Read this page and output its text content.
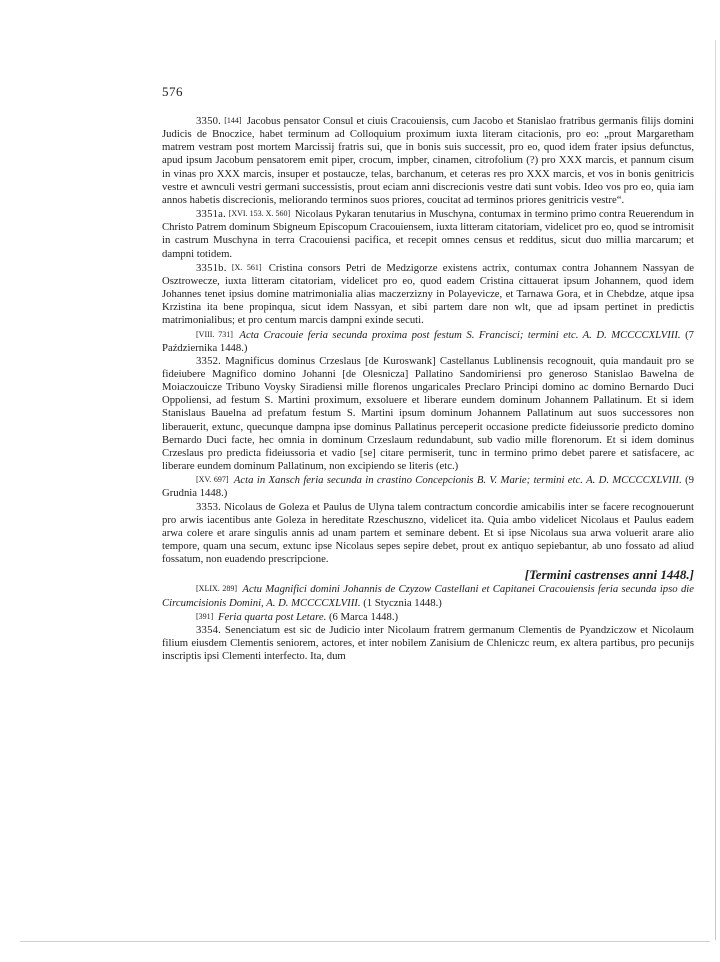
576

3350. [144] Jacobus pensator Consul et ciuis Cracouiensis, cum Jacobo et Stanislao fratribus germanis filijs domini Judicis de Bnoczice, habet terminum ad Colloquium proximum iuxta literam citacionis, pro eo: „prout Margaretham matrem vestram post mortem Marcissij fratris sui, que in bonis suis successit, pro eo, quod idem frater ipsius defunctus, apud ipsum Jacobum pensatorem emit piper, crocum, impber, cinamen, citrofolium (?) pro XXX marcis, et pannum cisum in vinas pro XXX marcis, insuper et postaucze, telas, barchanum, et ceteras res pro XXX marcis, et vos in bonis genitricis vestre et awnculi vestri germani successistis, prout eciam anni discrecionis vestre dati sunt vobis. Ideo vos pro eo, quia iam annos habetis discrecionis, meliorando terminos suos priores, coucitat ad terminos priores genitricis vestre“.

3351a. [XVI. 153. X. 560] Nicolaus Pykaran tenutarius in Muschyna, contumax in termino primo contra Reuerendum in Christo Patrem dominum Sbigneum Episcopum Cracouiensem, iuxta litteram citatoriam, videlicet pro eo, quod se intromisit in castrum Muschyna in terra Cracouiensi pacifica, et recepit omnes census et redditus, sicut duo millia marcarum; et dampni totidem.

3351b. [X. 561] Cristina consors Petri de Medzigorze existens actrix, contumax contra Johannem Nassyan de Osztrowecze, iuxta litteram citatoriam, videlicet pro eo, quod eadem Cristina cittauerat ipsum Johannem, quod idem Johannes tenet ipsius domine matrimonialia alias maczerzizny in Polayevicze, et Tarnawa Gora, et in Chebdze, atque ipsa Krzistina ita bene propinqua, sicut idem Nassyan, et sibi partem dare non wlt, que ad ipsam pertinet in predictis matrimonialibus; et pro centum marcis dampni exinde secuti.

[VIII. 731] Acta Cracouie feria secunda proxima post festum S. Francisci; termini etc. A. D. MCCCCXLVIII. (7 Października 1448.)

3352. Magnificus dominus Crzeslaus [de Kuroswank] Castellanus Lublinensis recognouit, quia mandauit pro se fideiubere Magnifico domino Johanni [de Olesnicza] Pallatino Sandomiriensi pro generoso Stanislao Bawelna de Moiaczouicze Tribuno Voysky Siradiensi mille florenos ungaricales Preclaro Principi domino ac domino Bernardo Duci Oppoliensi, ad festum S. Martini proximum, exsoluere et liberare eundem dominum Johannem Pallatinum. Et si idem Stanislaus Bauelna ad prefatum festum S. Martini ipsum dominum Johannem Pallatinum aut suos successores non liberauerit, extunc, quecunque dampna ipse dominus Pallatinus perceperit occasione predicte fideiussorie predicto domino Bernardo Duci facte, hec omnia in dominum Crzeslaum redundabunt, sub vadio mille florenorum. Et si idem dominus Crzeslaus pro predicta fideiussoria et vadio [se] citare permiserit, tunc in termino primo debet parere et satisfacere, ac liberare eundem dominum Pallatinum, non excipiendo se literis (etc.)

[XV. 697] Acta in Xansch feria secunda in crastino Concepcionis B. V. Marie; termini etc. A. D. MCCCCXLVIII. (9 Grudnia 1448.)

3353. Nicolaus de Goleza et Paulus de Ulyna talem contractum concordie amicabilis inter se facere recognouerunt pro arwis iacentibus ante Goleza in hereditate Rzeschuszno, videlicet ita. Quia ambo videlicet Nicolaus et Paulus eadem arwa colere et arare singulis annis ad unam partem et seminare debent. Et si ipse Nicolaus sua arwa voluerit arare alio tempore, quam una secum, extunc ipse Nicolaus sepes sepire debet, prout ex antiquo sepiebantur, ab uno fossato ad aliud fossatum, non euadendo prescripcione.

[Termini castrenses anni 1448.]

[XLIX. 289] Actu Magnifici domini Johannis de Czyzow Castellani et Capitanei Cracouiensis feria secunda ipso die Circumcisionis Domini, A. D. MCCCCXLVIII. (1 Stycznia 1448.)

[391] Feria quarta post Letare. (6 Marca 1448.)

3354. Senenciatum est sic de Judicio inter Nicolaum fratrem germanum Clementis de Pyandziczow et Nicolaum filium eiusdem Clementis seniorem, actores, et inter nobilem Zanisium de Chleniczc reum, ex altera partibus, pro pecunijs inscriptis ipsi Clementi interfecto. Ita, dum
